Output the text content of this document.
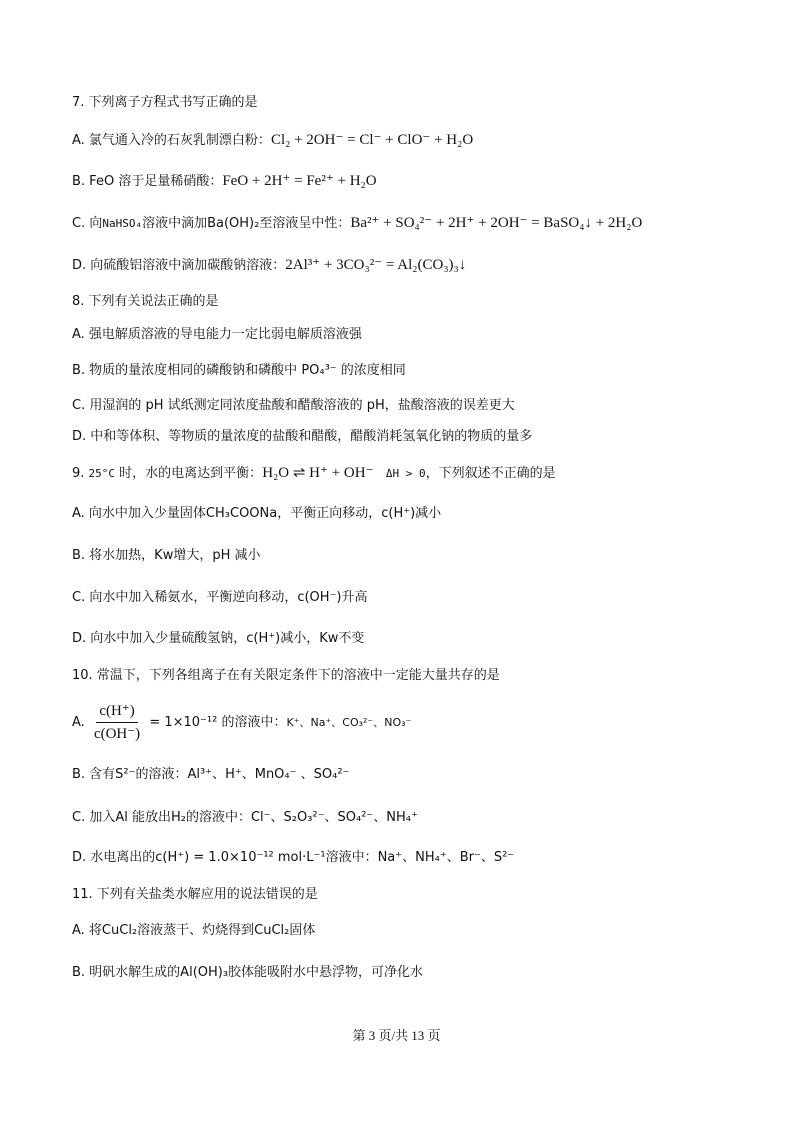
7. 下列离子方程式书写正确的是
A. 氯气通入冷的石灰乳制漂白粉：Cl₂ + 2OH⁻ = Cl⁻ + ClO⁻ + H₂O
B. FeO 溶于足量稀硝酸：FeO + 2H⁺ = Fe²⁺ + H₂O
C. 向NaHSO₄溶液中滴加Ba(OH)₂至溶液呈中性：Ba²⁺ + SO₄²⁻ + 2H⁺ + 2OH⁻ = BaSO₄↓ + 2H₂O
D. 向硫酸铝溶液中滴加碳酸钠溶液：2Al³⁺ + 3CO₃²⁻ = Al₂(CO₃)₃↓
8. 下列有关说法正确的是
A. 强电解质溶液的导电能力一定比弱电解质溶液强
B. 物质的量浓度相同的磷酸钠和磷酸中 PO₄³⁻ 的浓度相同
C. 用湿润的 pH 试纸测定同浓度盐酸和醋酸溶液的 pH，盐酸溶液的误差更大
D. 中和等体积、等物质的量浓度的盐酸和醋酸，醋酸消耗氢氧化钠的物质的量多
9. 25°C 时，水的电离达到平衡：H₂O ⇌ H⁺ + OH⁻ ΔH > 0，下列叙述不正确的是
A. 向水中加入少量固体CH₃COONa，平衡正向移动，c(H⁺)减小
B. 将水加热，Kw增大，pH 减小
C. 向水中加入稀氨水，平衡逆向移动，c(OH⁻)升高
D. 向水中加入少量硫酸氢钠，c(H⁺)减小，Kw不变
10. 常温下，下列各组离子在有关限定条件下的溶液中一定能大量共存的是
A. $\frac{c(H^+)}{c(OH^-)} = 1\times 10^{-12}$ 的溶液中：K⁺、Na⁺、CO₃²⁻、NO₃⁻
B. 含有S²⁻的溶液：Al³⁺、H⁺、MnO₄⁻ 、SO₄²⁻
C. 加入Al 能放出H₂的溶液中：Cl⁻、S₂O₃²⁻、SO₄²⁻、NH₄⁺
D. 水电离出的c(H⁺) = 1.0×10⁻¹² mol·L⁻¹溶液中：Na⁺、NH₄⁺、Br⁻、S²⁻
11. 下列有关盐类水解应用的说法错误的是
A. 将CuCl₂溶液蒸干、灼烧得到CuCl₂固体
B. 明矾水解生成的Al(OH)₃胶体能吸附水中悬浮物，可净化水
第 3 页/共 13 页
